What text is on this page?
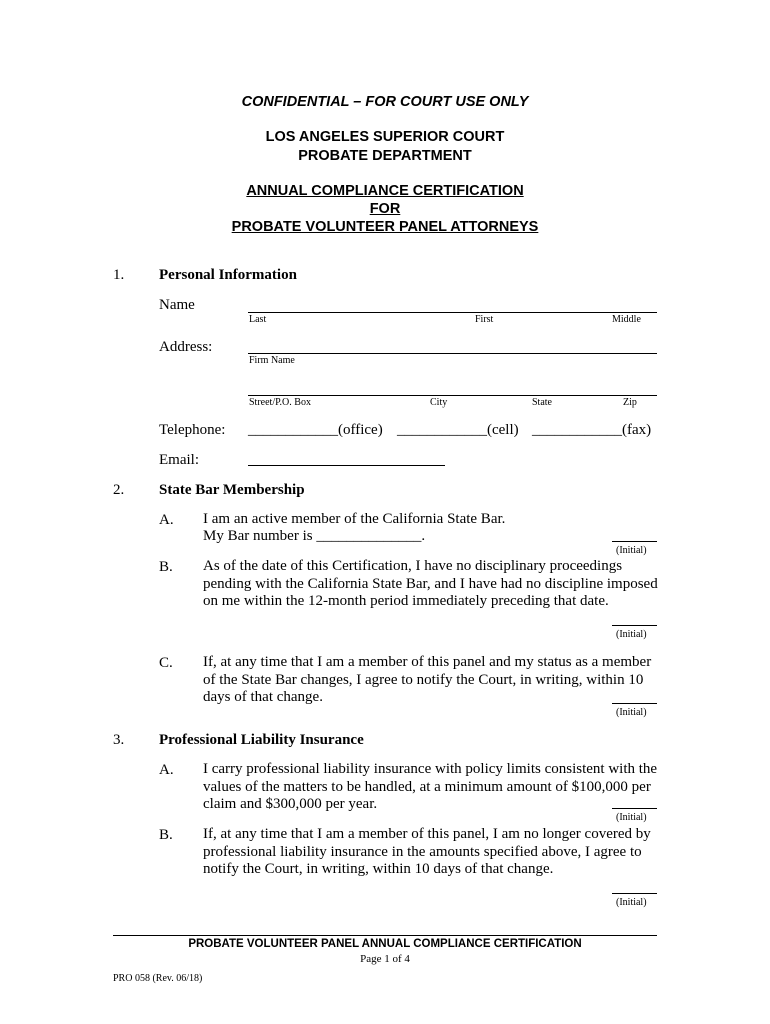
CONFIDENTIAL – FOR COURT USE ONLY
LOS ANGELES SUPERIOR COURT
PROBATE DEPARTMENT
ANNUAL COMPLIANCE CERTIFICATION
FOR
PROBATE VOLUNTEER PANEL ATTORNEYS
1. Personal Information
Name
Last	First	Middle
Address:
Firm Name
Street/P.O. Box	City	State	Zip
Telephone: ____________(office) ____________(cell) ____________(fax)
Email:
2. State Bar Membership
A. I am an active member of the California State Bar.
My Bar number is ______________.
(Initial)
B. As of the date of this Certification, I have no disciplinary proceedings pending with the California State Bar, and I have had no discipline imposed on me within the 12-month period immediately preceding that date.
(Initial)
C. If, at any time that I am a member of this panel and my status as a member of the State Bar changes, I agree to notify the Court, in writing, within 10 days of that change.
(Initial)
3. Professional Liability Insurance
A. I carry professional liability insurance with policy limits consistent with the values of the matters to be handled, at a minimum amount of $100,000 per claim and $300,000 per year.
(Initial)
B. If, at any time that I am a member of this panel, I am no longer covered by professional liability insurance in the amounts specified above, I agree to notify the Court, in writing, within 10 days of that change.
(Initial)
PROBATE VOLUNTEER PANEL ANNUAL COMPLIANCE CERTIFICATION
Page 1 of 4
PRO 058 (Rev. 06/18)
